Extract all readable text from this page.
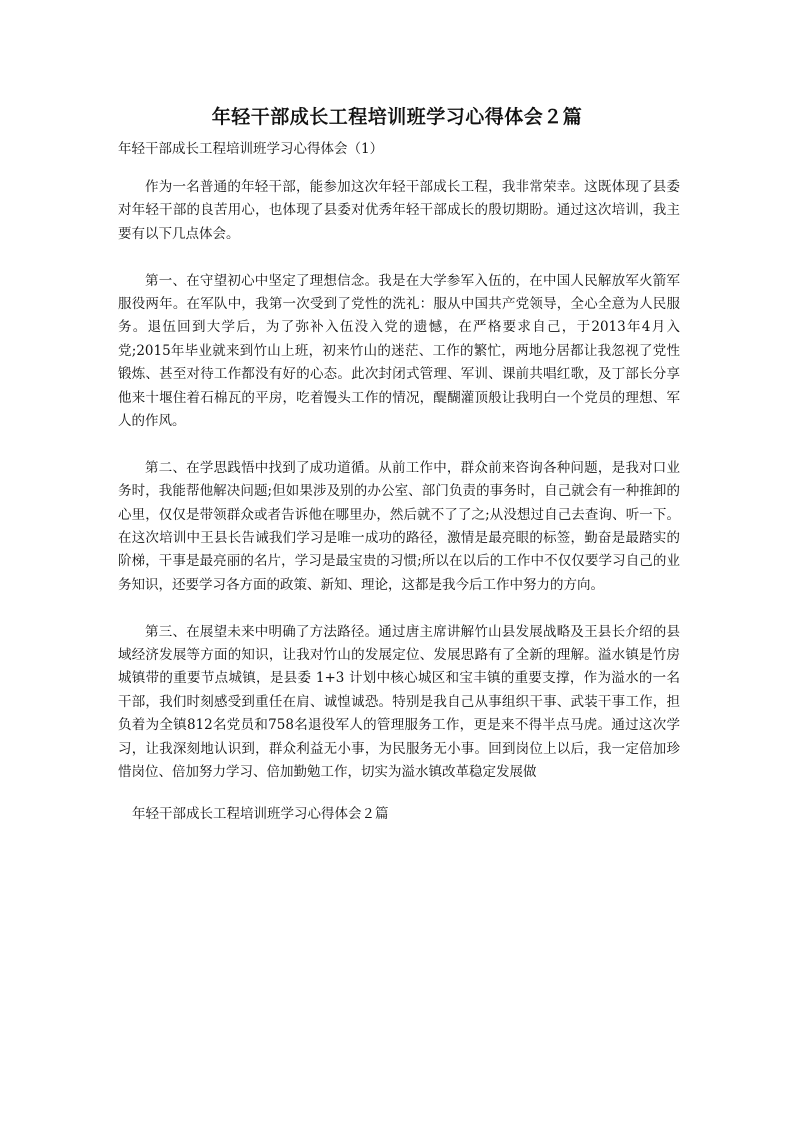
年轻干部成长工程培训班学习心得体会２篇
年轻干部成长工程培训班学习心得体会（1）

作为一名普通的年轻干部，能参加这次年轻干部成长工程，我非常荣幸。这既体现了县委对年轻干部的良苦用心，也体现了县委对优秀年轻干部成长的殷切期盼。通过这次培训，我主要有以下几点体会。

第一、在守望初心中坚定了理想信念。我是在大学参军入伍的，在中国人民解放军火箭军服役两年。在军队中，我第一次受到了党性的洗礼：服从中国共产党领导，全心全意为人民服务。退伍回到大学后，为了弥补入伍没入党的遗憾，在严格要求自己，于2013年4月入党;2015年毕业就来到竹山上班，初来竹山的迷茫、工作的繁忙，两地分居都让我忽视了党性锻炼、甚至对待工作都没有好的心态。此次封闭式管理、军训、课前共唱红歌，及丁部长分享他来十堰住着石棉瓦的平房，吃着馒头工作的情况，醍醐灌顶般让我明白一个党员的理想、军人的作风。

第二、在学思践悟中找到了成功道循。从前工作中，群众前来咨询各种问题，是我对口业务时，我能帮他解决问题;但如果涉及别的办公室、部门负责的事务时，自己就会有一种推卸的心里，仅仅是带领群众或者告诉他在哪里办，然后就不了了之;从没想过自己去查询、听一下。在这次培训中王县长告诫我们学习是唯一成功的路径，激情是最亮眼的标签，勤奋是最踏实的阶梯，干事是最亮丽的名片，学习是最宝贵的习惯;所以在以后的工作中不仅仅要学习自己的业务知识，还要学习各方面的政策、新知、理论，这都是我今后工作中努力的方向。

第三、在展望未来中明确了方法路径。通过唐主席讲解竹山县发展战略及王县长介绍的县域经济发展等方面的知识，让我对竹山的发展定位、发展思路有了全新的理解。溢水镇是竹房城镇带的重要节点城镇，是县委 1+3 计划中核心城区和宝丰镇的重要支撑，作为溢水的一名干部，我们时刻感受到重任在肩、诚惶诚恐。特别是我自己从事组织干事、武装干事工作，担负着为全镇812名党员和758名退役军人的管理服务工作，更是来不得半点马虎。通过这次学习，让我深刻地认识到，群众利益无小事，为民服务无小事。回到岗位上以后，我一定倍加珍惜岗位、倍加努力学习、倍加勤勉工作，切实为溢水镇改革稳定发展做

年轻干部成长工程培训班学习心得体会２篇
